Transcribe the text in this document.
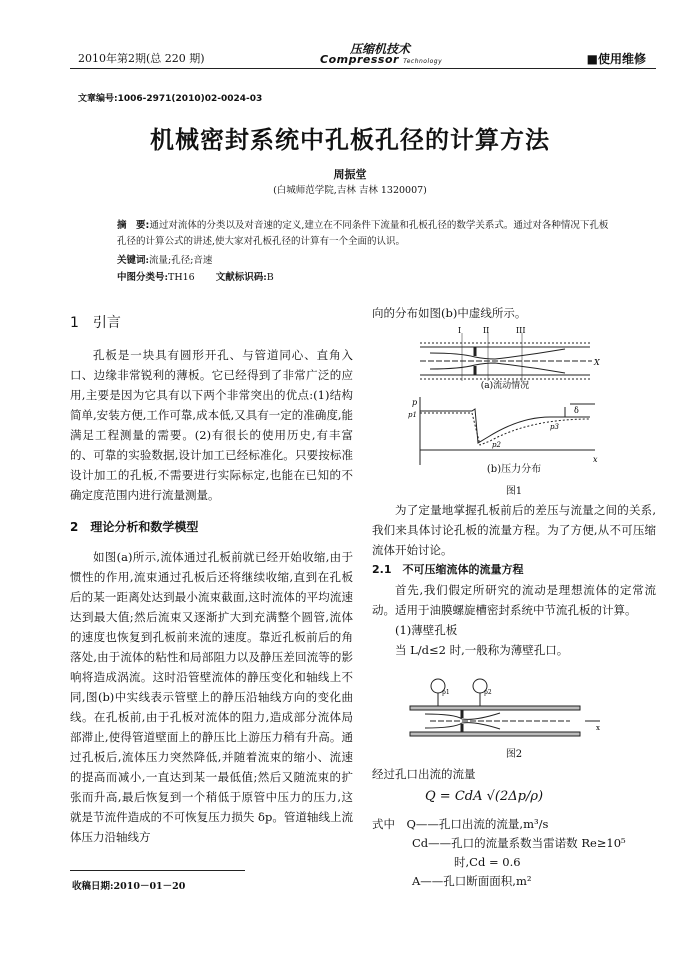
2010年第2期(总 220 期)
压缩机技术
Compressor Technology	■使用维修
文章编号:1006-2971(2010)02-0024-03
机械密封系统中孔板孔径的计算方法
周振堂
(白城师范学院,吉林 吉林 1320007)
摘　要:通过对流体的分类以及对音速的定义,建立在不同条件下流量和孔板孔径的数学关系式。通过对各种情况下孔板孔径的计算公式的讲述,使大家对孔板孔径的计算有一个全面的认识。
关键词:流量;孔径;音速
中图分类号:TH16 文献标识码:B
1　引言
孔板是一块具有圆形开孔、与管道同心、直角入口、边缘非常锐利的薄板。它已经得到了非常广泛的应用,主要是因为它具有以下两个非常突出的优点:(1)结构简单,安装方便,工作可靠,成本低,又具有一定的准确度,能满足工程测量的需要。(2)有很长的使用历史,有丰富的、可靠的实验数据,设计加工已经标准化。只要按标准设计加工的孔板,不需要进行实际标定,也能在已知的不确定度范围内进行流量测量。
2　理论分析和数学模型
如图(a)所示,流体通过孔板前就已经开始收缩,由于惯性的作用,流束通过孔板后还将继续收缩,直到在孔板后的某一距离处达到最小流束截面,这时流体的平均流速达到最大值;然后流束又逐渐扩大到充满整个圆管,流体的速度也恢复到孔板前来流的速度。靠近孔板前后的角落处,由于流体的粘性和局部阻力以及静压差回流等的影响将造成涡流。这时沿管壁流体的静压变化和轴线上不同,图(b)中实线表示管壁上的静压沿轴线方向的变化曲线。在孔板前,由于孔板对流体的阻力,造成部分流体局部滞止,使得管道壁面上的静压比上游压力稍有升高。通过孔板后,流体压力突然降低,并随着流束的缩小、流速的提高而减小,一直达到某一最低值;然后又随流束的扩张而升高,最后恢复到一个稍低于原管中压力的压力,这就是节流件造成的不可恢复压力损失 δp。管道轴线上流体压力沿轴线方
向的分布如图(b)中虚线所示。
I	II	III
X
(a)流动情况
p
p1
p2
p3
δ
x
(b)压力分布
图1
为了定量地掌握孔板前后的差压与流量之间的关系,我们来具体讨论孔板的流量方程。为了方便,从不可压缩流体开始讨论。
2.1　不可压缩流体的流量方程
首先,我们假定所研究的流动是理想流体的定常流动。适用于油膜螺旋槽密封系统中节流孔板的计算。
(1)薄壁孔板
当 L/d≤2 时,一般称为薄壁孔口。
p1	p2
x
图2
经过孔口出流的流量
Q = CdA √(2Δp/ρ)
式中　Q——孔口出流的流量,m³/s
Cd——孔口的流量系数当雷诺数 Re≥10⁵
时,Cd = 0.6
A——孔口断面面积,m²
收稿日期:2010－01－20
